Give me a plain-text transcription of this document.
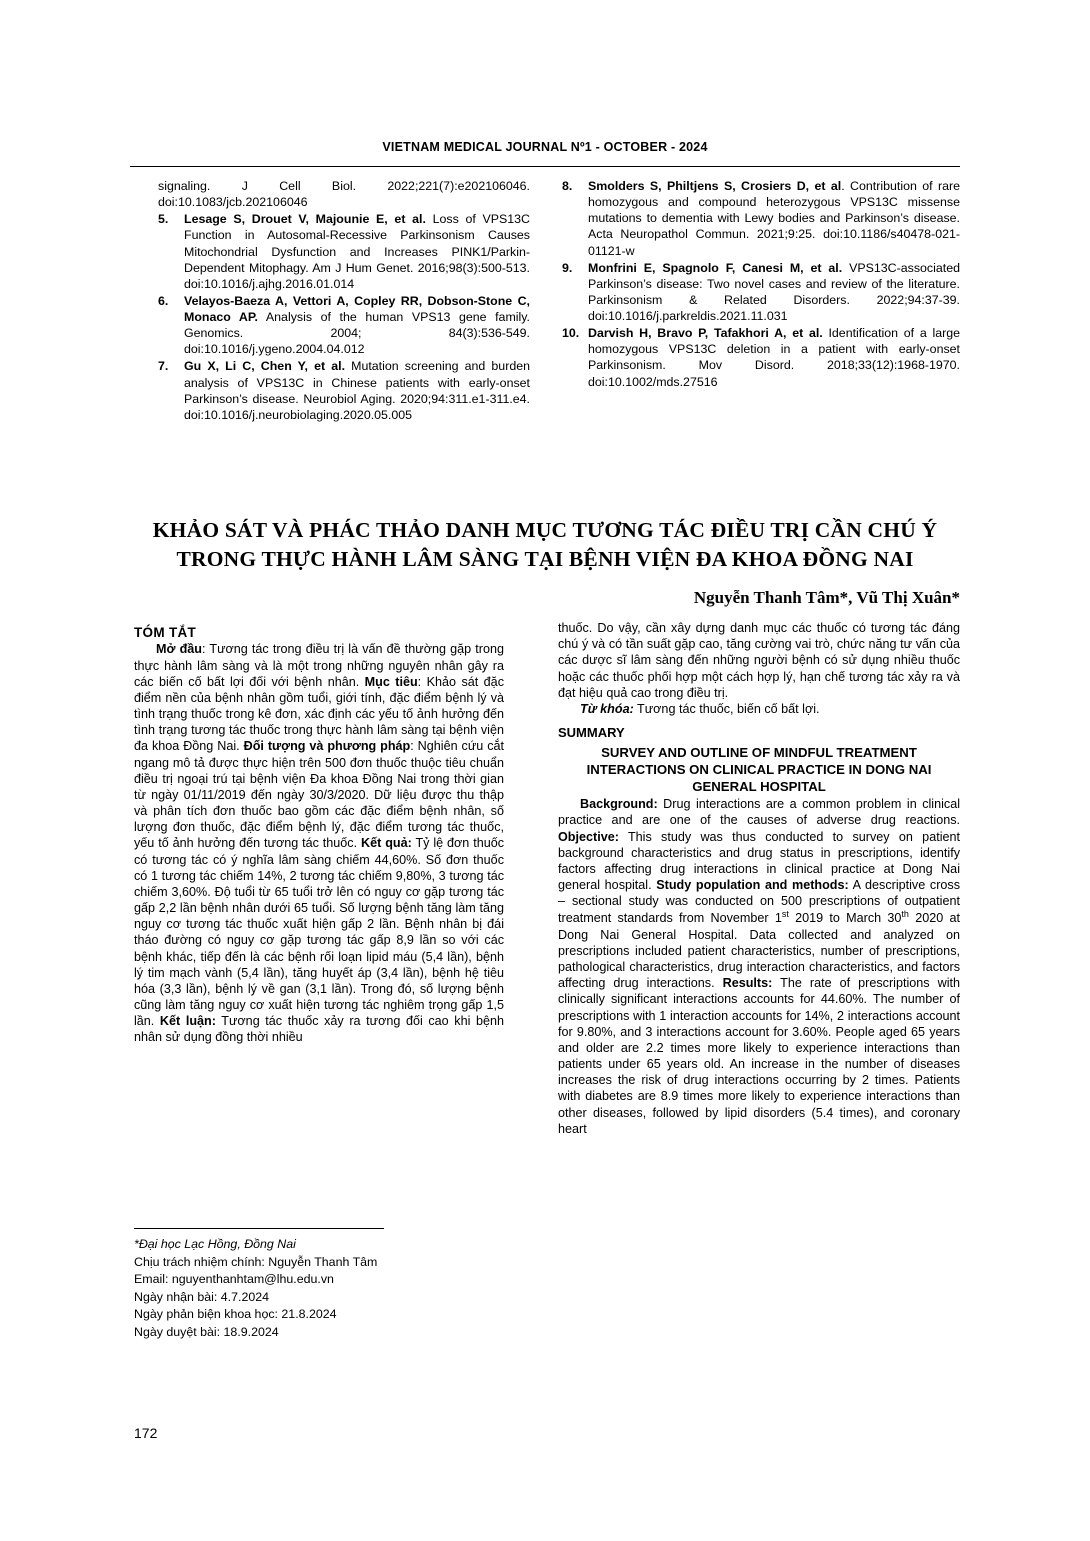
VIETNAM MEDICAL JOURNAL Nº1 - OCTOBER - 2024
signaling. J Cell Biol. 2022;221(7):e202106046. doi:10.1083/jcb.202106046
5. Lesage S, Drouet V, Majounie E, et al. Loss of VPS13C Function in Autosomal-Recessive Parkinsonism Causes Mitochondrial Dysfunction and Increases PINK1/Parkin-Dependent Mitophagy. Am J Hum Genet. 2016;98(3):500-513. doi:10.1016/j.ajhg.2016.01.014
6. Velayos-Baeza A, Vettori A, Copley RR, Dobson-Stone C, Monaco AP. Analysis of the human VPS13 gene family. Genomics. 2004; 84(3):536-549. doi:10.1016/j.ygeno.2004.04.012
7. Gu X, Li C, Chen Y, et al. Mutation screening and burden analysis of VPS13C in Chinese patients with early-onset Parkinson’s disease. Neurobiol Aging. 2020;94:311.e1-311.e4. doi:10.1016/j.neurobiolaging.2020.05.005
8. Smolders S, Philtjens S, Crosiers D, et al. Contribution of rare homozygous and compound heterozygous VPS13C missense mutations to dementia with Lewy bodies and Parkinson’s disease. Acta Neuropathol Commun. 2021;9:25. doi:10.1186/s40478-021-01121-w
9. Monfrini E, Spagnolo F, Canesi M, et al. VPS13C-associated Parkinson’s disease: Two novel cases and review of the literature. Parkinsonism & Related Disorders. 2022;94:37-39. doi:10.1016/j.parkreldis.2021.11.031
10. Darvish H, Bravo P, Tafakhori A, et al. Identification of a large homozygous VPS13C deletion in a patient with early-onset Parkinsonism. Mov Disord. 2018;33(12):1968-1970. doi:10.1002/mds.27516
KHẢO SÁT VÀ PHÁC THẢO DANH MỤC TƯƠNG TÁC ĐIỀU TRỊ CẦN CHÚ Ý TRONG THỰC HÀNH LÂM SÀNG TẠI BỆNH VIỆN ĐA KHOA ĐỒNG NAI
Nguyễn Thanh Tâm*, Vũ Thị Xuân*
TÓM TẮT

Mở đầu: Tương tác trong điều trị là vấn đề thường gặp trong thực hành lâm sàng và là một trong những nguyên nhân gây ra các biến cố bất lợi đối với bệnh nhân. Mục tiêu: Khảo sát đặc điểm nền của bệnh nhân gồm tuổi, giới tính, đặc điểm bệnh lý và tình trạng thuốc trong kê đơn, xác định các yếu tố ảnh hưởng đến tình trạng tương tác thuốc trong thực hành lâm sàng tại bệnh viện đa khoa Đồng Nai. Đối tượng và phương pháp: Nghiên cứu cắt ngang mô tả được thực hiện trên 500 đơn thuốc thuộc tiêu chuẩn điều trị ngoại trú tại bệnh viện Đa khoa Đồng Nai trong thời gian từ ngày 01/11/2019 đến ngày 30/3/2020. Dữ liệu được thu thập và phân tích đơn thuốc bao gồm các đặc điểm bệnh nhân, số lượng đơn thuốc, đặc điểm bệnh lý, đặc điểm tương tác thuốc, yếu tố ảnh hưởng đến tương tác thuốc. Kết quả: Tỷ lệ đơn thuốc có tương tác có ý nghĩa lâm sàng chiếm 44,60%. Số đơn thuốc có 1 tương tác chiếm 14%, 2 tương tác chiếm 9,80%, 3 tương tác chiếm 3,60%. Độ tuổi từ 65 tuổi trở lên có nguy cơ gặp tương tác gấp 2,2 lần bệnh nhân dưới 65 tuổi. Số lượng bệnh tăng làm tăng nguy cơ tương tác thuốc xuất hiện gấp 2 lần. Bệnh nhân bị đái tháo đường có nguy cơ gặp tương tác gấp 8,9 lần so với các bệnh khác, tiếp đến là các bệnh rối loạn lipid máu (5,4 lần), bệnh lý tim mạch vành (5,4 lần), tăng huyết áp (3,4 lần), bệnh hệ tiêu hóa (3,3 lần), bệnh lý về gan (3,1 lần). Trong đó, số lượng bệnh cũng làm tăng nguy cơ xuất hiện tương tác nghiêm trọng gấp 1,5 lần. Kết luận: Tương tác thuốc xảy ra tương đối cao khi bệnh nhân sử dụng đồng thời nhiều

thuốc. Do vậy, cần xây dựng danh mục các thuốc có tương tác đáng chú ý và có tần suất gặp cao, tăng cường vai trò, chức năng tư vấn của các dược sĩ lâm sàng đến những người bệnh có sử dụng nhiều thuốc hoặc các thuốc phối hợp một cách hợp lý, hạn chế tương tác xảy ra và đạt hiệu quả cao trong điều trị.

Từ khóa: Tương tác thuốc, biến cố bất lợi.

SUMMARY
SURVEY AND OUTLINE OF MINDFUL TREATMENT INTERACTIONS ON CLINICAL PRACTICE IN DONG NAI GENERAL HOSPITAL

Background: Drug interactions are a common problem in clinical practice and are one of the causes of adverse drug reactions. Objective: This study was thus conducted to survey on patient background characteristics and drug status in prescriptions, identify factors affecting drug interactions in clinical practice at Dong Nai general hospital. Study population and methods: A descriptive cross – sectional study was conducted on 500 prescriptions of outpatient treatment standards from November 1st 2019 to March 30th 2020 at Dong Nai General Hospital. Data collected and analyzed on prescriptions included patient characteristics, number of prescriptions, pathological characteristics, drug interaction characteristics, and factors affecting drug interactions. Results: The rate of prescriptions with clinically significant interactions accounts for 44.60%. The number of prescriptions with 1 interaction accounts for 14%, 2 interactions account for 9.80%, and 3 interactions account for 3.60%. People aged 65 years and older are 2.2 times more likely to experience interactions than patients under 65 years old. An increase in the number of diseases increases the risk of drug interactions occurring by 2 times. Patients with diabetes are 8.9 times more likely to experience interactions than other diseases, followed by lipid disorders (5.4 times), and coronary heart

*Đại học Lạc Hồng, Đồng Nai
Chịu trách nhiệm chính: Nguyễn Thanh Tâm
Email: nguyenthanhtam@lhu.edu.vn
Ngày nhận bài: 4.7.2024
Ngày phản biện khoa học: 21.8.2024
Ngày duyệt bài: 18.9.2024
172
